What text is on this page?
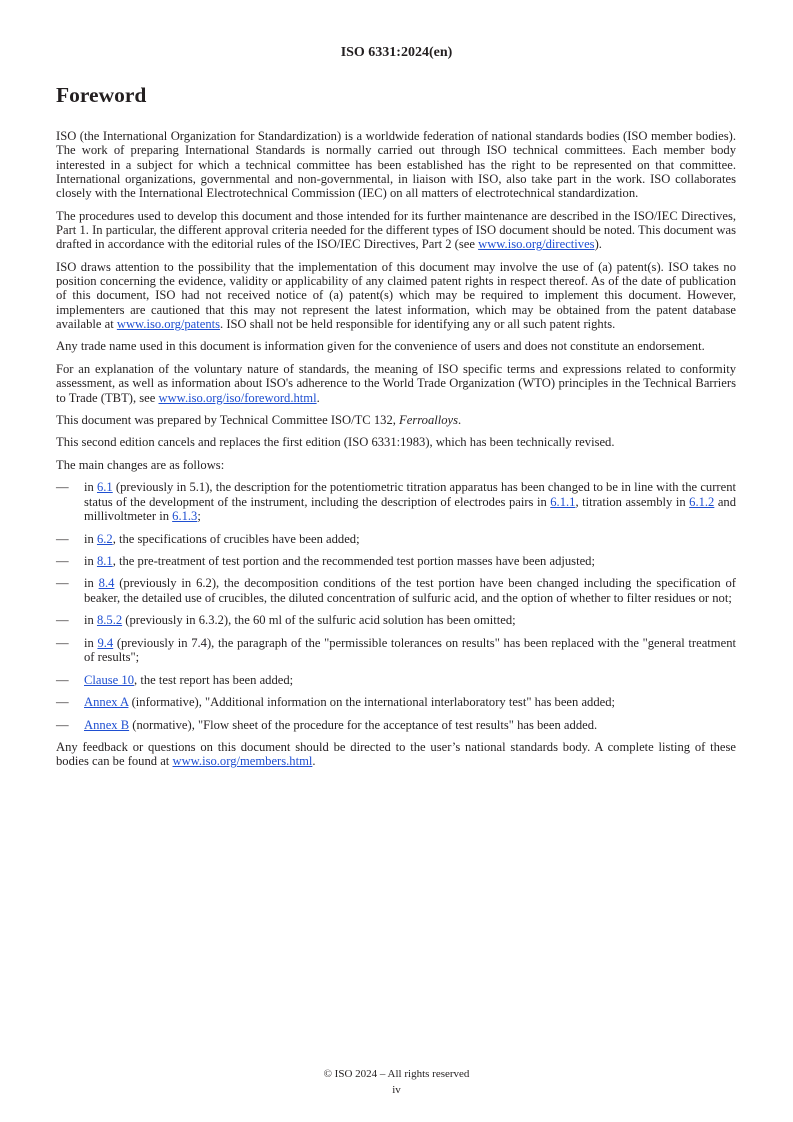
ISO 6331:2024(en)
Foreword

ISO (the International Organization for Standardization) is a worldwide federation of national standards bodies (ISO member bodies). The work of preparing International Standards is normally carried out through ISO technical committees. Each member body interested in a subject for which a technical committee has been established has the right to be represented on that committee. International organizations, governmental and non-governmental, in liaison with ISO, also take part in the work. ISO collaborates closely with the International Electrotechnical Commission (IEC) on all matters of electrotechnical standardization.

The procedures used to develop this document and those intended for its further maintenance are described in the ISO/IEC Directives, Part 1. In particular, the different approval criteria needed for the different types of ISO document should be noted. This document was drafted in accordance with the editorial rules of the ISO/IEC Directives, Part 2 (see www.iso.org/directives).

ISO draws attention to the possibility that the implementation of this document may involve the use of (a) patent(s). ISO takes no position concerning the evidence, validity or applicability of any claimed patent rights in respect thereof. As of the date of publication of this document, ISO had not received notice of (a) patent(s) which may be required to implement this document. However, implementers are cautioned that this may not represent the latest information, which may be obtained from the patent database available at www.iso.org/patents. ISO shall not be held responsible for identifying any or all such patent rights.

Any trade name used in this document is information given for the convenience of users and does not constitute an endorsement.

For an explanation of the voluntary nature of standards, the meaning of ISO specific terms and expressions related to conformity assessment, as well as information about ISO's adherence to the World Trade Organization (WTO) principles in the Technical Barriers to Trade (TBT), see www.iso.org/iso/foreword.html.

This document was prepared by Technical Committee ISO/TC 132, Ferroalloys.

This second edition cancels and replaces the first edition (ISO 6331:1983), which has been technically revised.

The main changes are as follows:

— in 6.1 (previously in 5.1), the description for the potentiometric titration apparatus has been changed to be in line with the current status of the development of the instrument, including the description of electrodes pairs in 6.1.1, titration assembly in 6.1.2 and millivoltmeter in 6.1.3;
— in 6.2, the specifications of crucibles have been added;
— in 8.1, the pre-treatment of test portion and the recommended test portion masses have been adjusted;
— in 8.4 (previously in 6.2), the decomposition conditions of the test portion have been changed including the specification of beaker, the detailed use of crucibles, the diluted concentration of sulfuric acid, and the option of whether to filter residues or not;
— in 8.5.2 (previously in 6.3.2), the 60 ml of the sulfuric acid solution has been omitted;
— in 9.4 (previously in 7.4), the paragraph of the "permissible tolerances on results" has been replaced with the "general treatment of results";
— Clause 10, the test report has been added;
— Annex A (informative), "Additional information on the international interlaboratory test" has been added;
— Annex B (normative), "Flow sheet of the procedure for the acceptance of test results" has been added.

Any feedback or questions on this document should be directed to the user’s national standards body. A complete listing of these bodies can be found at www.iso.org/members.html.

© ISO 2024 – All rights reserved
iv
